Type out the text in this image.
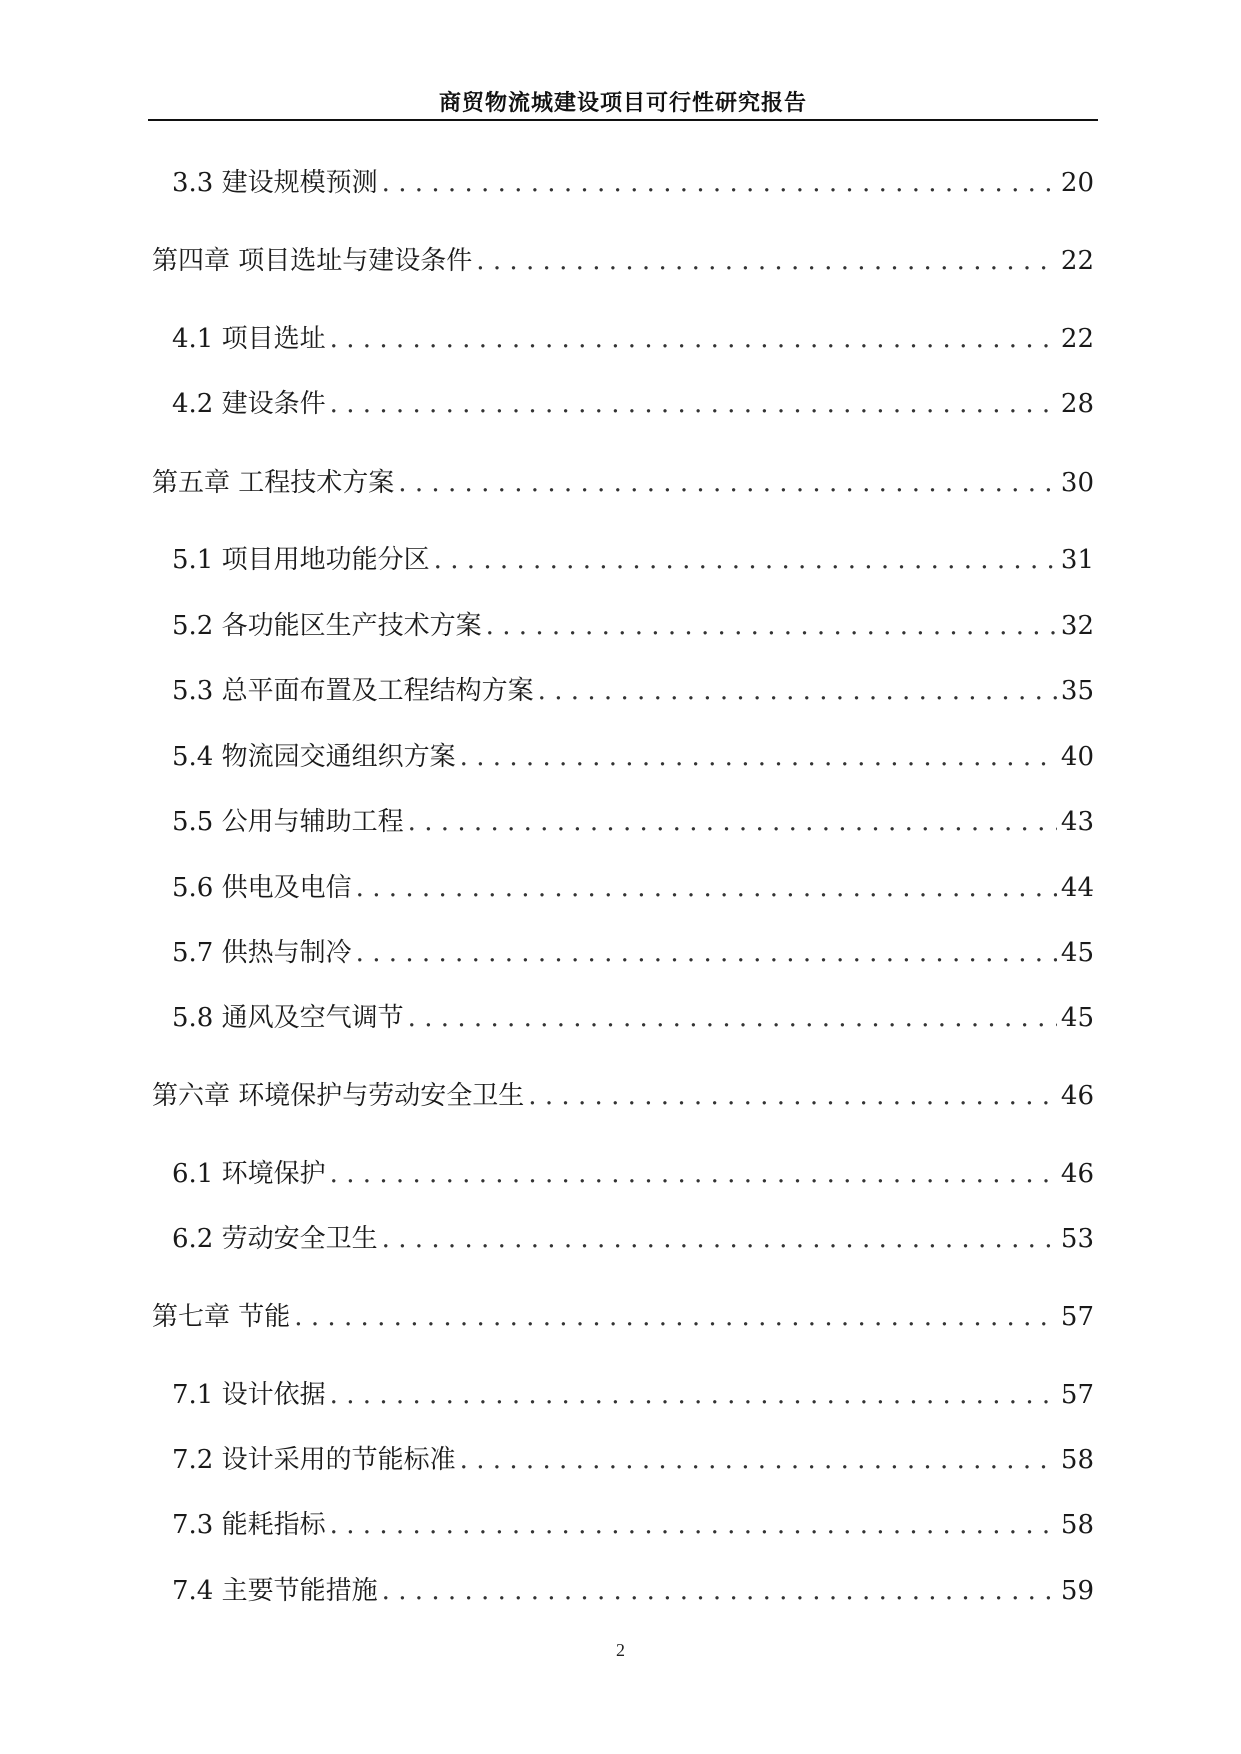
商贸物流城建设项目可行性研究报告
3.3 建设规模预测 .....	20
第四章 项目选址与建设条件 .....	22
4.1 项目选址 .....	22
4.2 建设条件 .....	28
第五章 工程技术方案 .....	30
5.1 项目用地功能分区 .....	31
5.2 各功能区生产技术方案 .....	32
5.3 总平面布置及工程结构方案 .....	35
5.4 物流园交通组织方案 .....	40
5.5 公用与辅助工程 .....	43
5.6 供电及电信 .....	44
5.7 供热与制冷 .....	45
5.8 通风及空气调节 .....	45
第六章 环境保护与劳动安全卫生 .....	46
6.1 环境保护 .....	46
6.2 劳动安全卫生 .....	53
第七章 节能 .....	57
7.1 设计依据 .....	57
7.2 设计采用的节能标准 .....	58
7.3 能耗指标 .....	58
7.4 主要节能措施 .....	59
2
